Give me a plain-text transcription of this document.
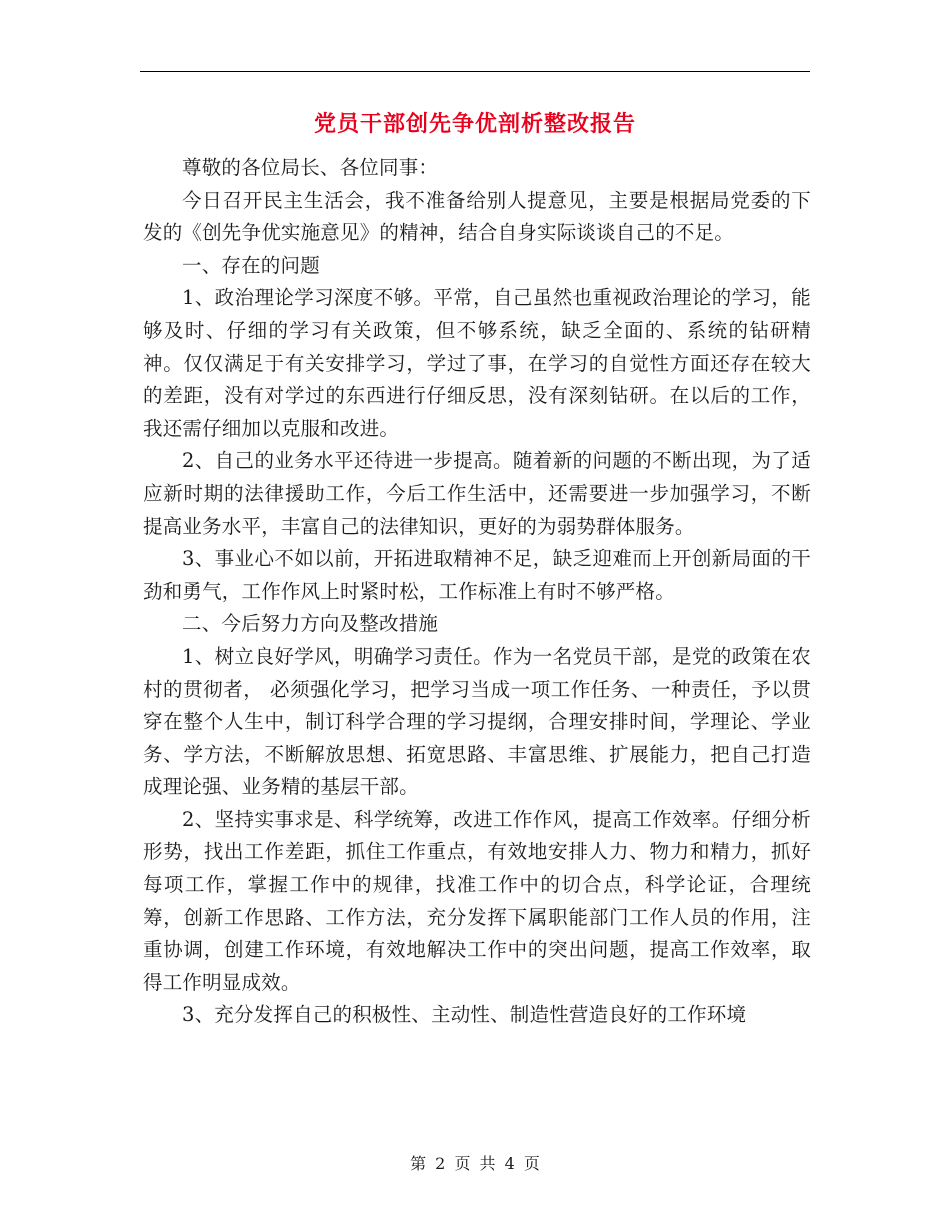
党员干部创先争优剖析整改报告

尊敬的各位局长、各位同事：

今日召开民主生活会，我不准备给别人提意见，主要是根据局党委的下发的《创先争优实施意见》的精神，结合自身实际谈谈自己的不足。

一、存在的问题

1、政治理论学习深度不够。平常，自己虽然也重视政治理论的学习，能够及时、仔细的学习有关政策，但不够系统，缺乏全面的、系统的钻研精神。仅仅满足于有关安排学习，学过了事，在学习的自觉性方面还存在较大的差距，没有对学过的东西进行仔细反思，没有深刻钻研。在以后的工作，我还需仔细加以克服和改进。

2、自己的业务水平还待进一步提高。随着新的问题的不断出现，为了适应新时期的法律援助工作，今后工作生活中，还需要进一步加强学习，不断提高业务水平，丰富自己的法律知识，更好的为弱势群体服务。

3、事业心不如以前，开拓进取精神不足，缺乏迎难而上开创新局面的干劲和勇气，工作作风上时紧时松，工作标准上有时不够严格。

二、今后努力方向及整改措施

1、树立良好学风，明确学习责任。作为一名党员干部，是党的政策在农村的贯彻者， 必须强化学习，把学习当成一项工作任务、一种责任，予以贯穿在整个人生中，制订科学合理的学习提纲，合理安排时间，学理论、学业务、学方法，不断解放思想、拓宽思路、丰富思维、扩展能力，把自己打造成理论强、业务精的基层干部。

2、坚持实事求是、科学统筹，改进工作作风，提高工作效率。仔细分析形势，找出工作差距，抓住工作重点，有效地安排人力、物力和精力，抓好每项工作，掌握工作中的规律，找准工作中的切合点，科学论证，合理统筹，创新工作思路、工作方法，充分发挥下属职能部门工作人员的作用，注重协调，创建工作环境，有效地解决工作中的突出问题，提高工作效率，取得工作明显成效。

3、充分发挥自己的积极性、主动性、制造性营造良好的工作环境

第 2 页 共 4 页
